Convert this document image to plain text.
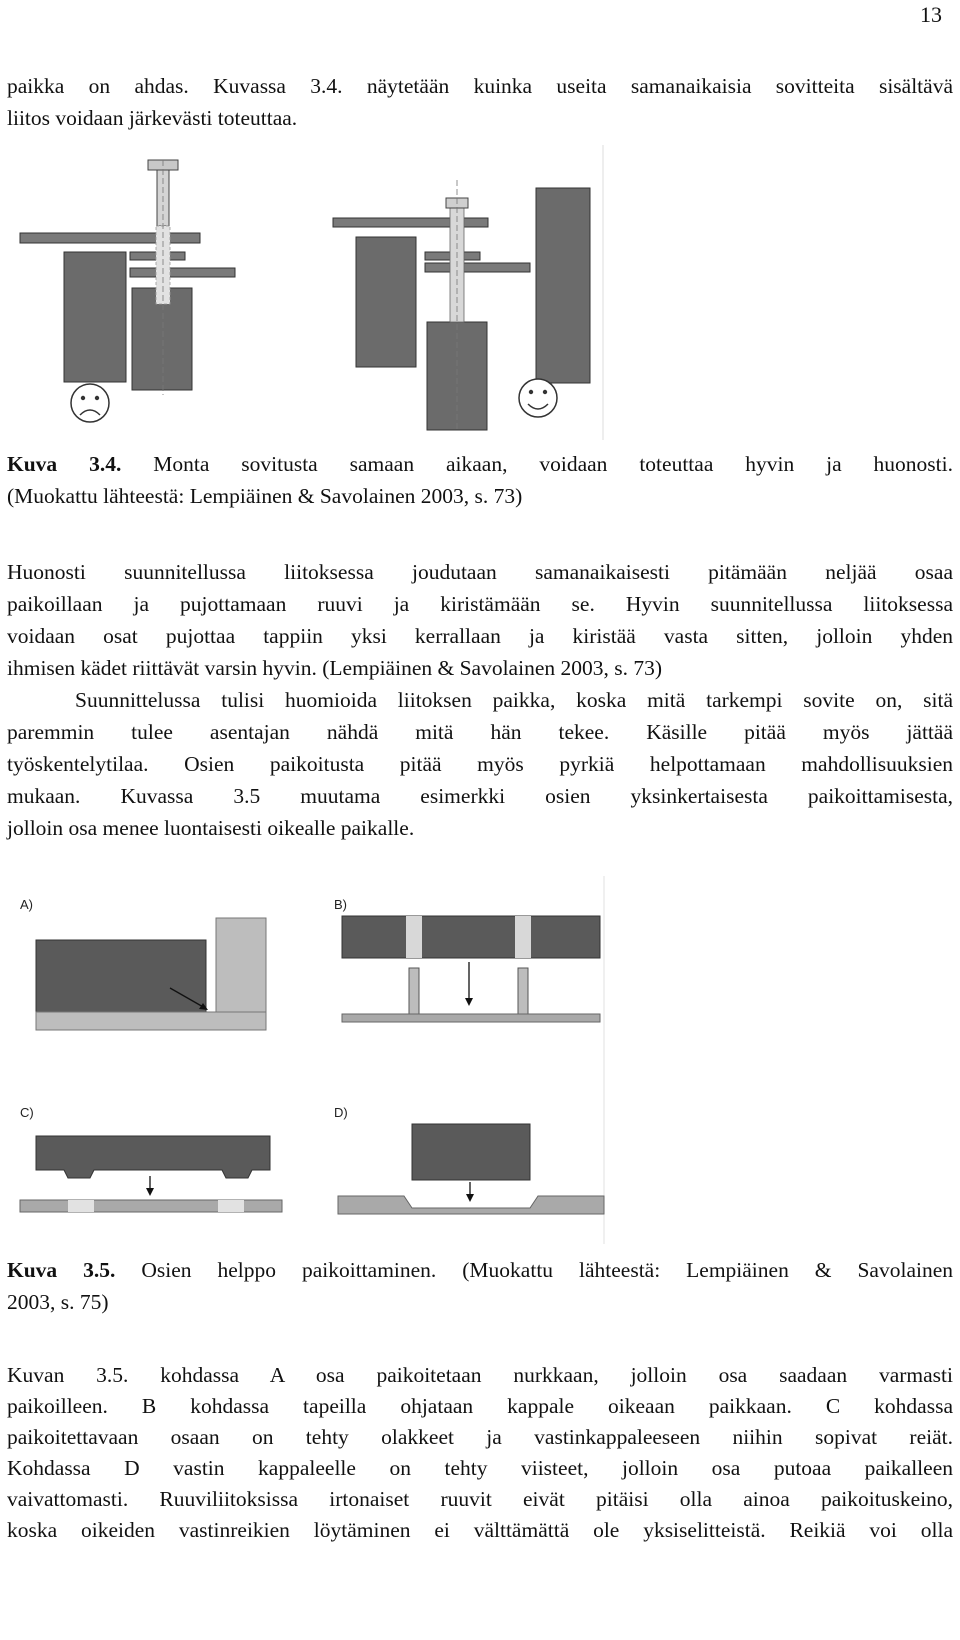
13
paikka on ahdas. Kuvassa 3.4. näytetään kuinka useita samanaikaisia sovitteita sisältävä
liitos voidaan järkevästi toteuttaa.
Kuva 3.4. Monta sovitusta samaan aikaan, voidaan toteuttaa hyvin ja huonosti.
(Muokattu lähteestä: Lempiäinen & Savolainen 2003, s. 73)
Huonosti suunnitellussa liitoksessa joudutaan samanaikaisesti pitämään neljää osaa
paikoillaan ja pujottamaan ruuvi ja kiristämään se. Hyvin suunnitellussa liitoksessa
voidaan osat pujottaa tappiin yksi kerrallaan ja kiristää vasta sitten, jolloin yhden
ihmisen kädet riittävät varsin hyvin. (Lempiäinen & Savolainen 2003, s. 73)
Suunnittelussa tulisi huomioida liitoksen paikka, koska mitä tarkempi sovite on, sitä
paremmin tulee asentajan nähdä mitä hän tekee. Käsille pitää myös jättää
työskentelytilaa. Osien paikoitusta pitää myös pyrkiä helpottamaan mahdollisuuksien
mukaan. Kuvassa 3.5 muutama esimerkki osien yksinkertaisesta paikoittamisesta,
jolloin osa menee luontaisesti oikealle paikalle.
A)	B)
C)	D)
Kuva 3.5. Osien helppo paikoittaminen. (Muokattu lähteestä: Lempiäinen & Savolainen
2003, s. 75)
Kuvan 3.5. kohdassa A osa paikoitetaan nurkkaan, jolloin osa saadaan varmasti
paikoilleen. B kohdassa tapeilla ohjataan kappale oikeaan paikkaan. C kohdassa
paikoitettavaan osaan on tehty olakkeet ja vastinkappaleeseen niihin sopivat reiät.
Kohdassa D vastin kappaleelle on tehty viisteet, jolloin osa putoaa paikalleen
vaivattomasti. Ruuviliitoksissa irtonaiset ruuvit eivät pitäisi olla ainoa paikoituskeino,
koska oikeiden vastinreikien löytäminen ei välttämättä ole yksiselitteistä. Reikiä voi olla
